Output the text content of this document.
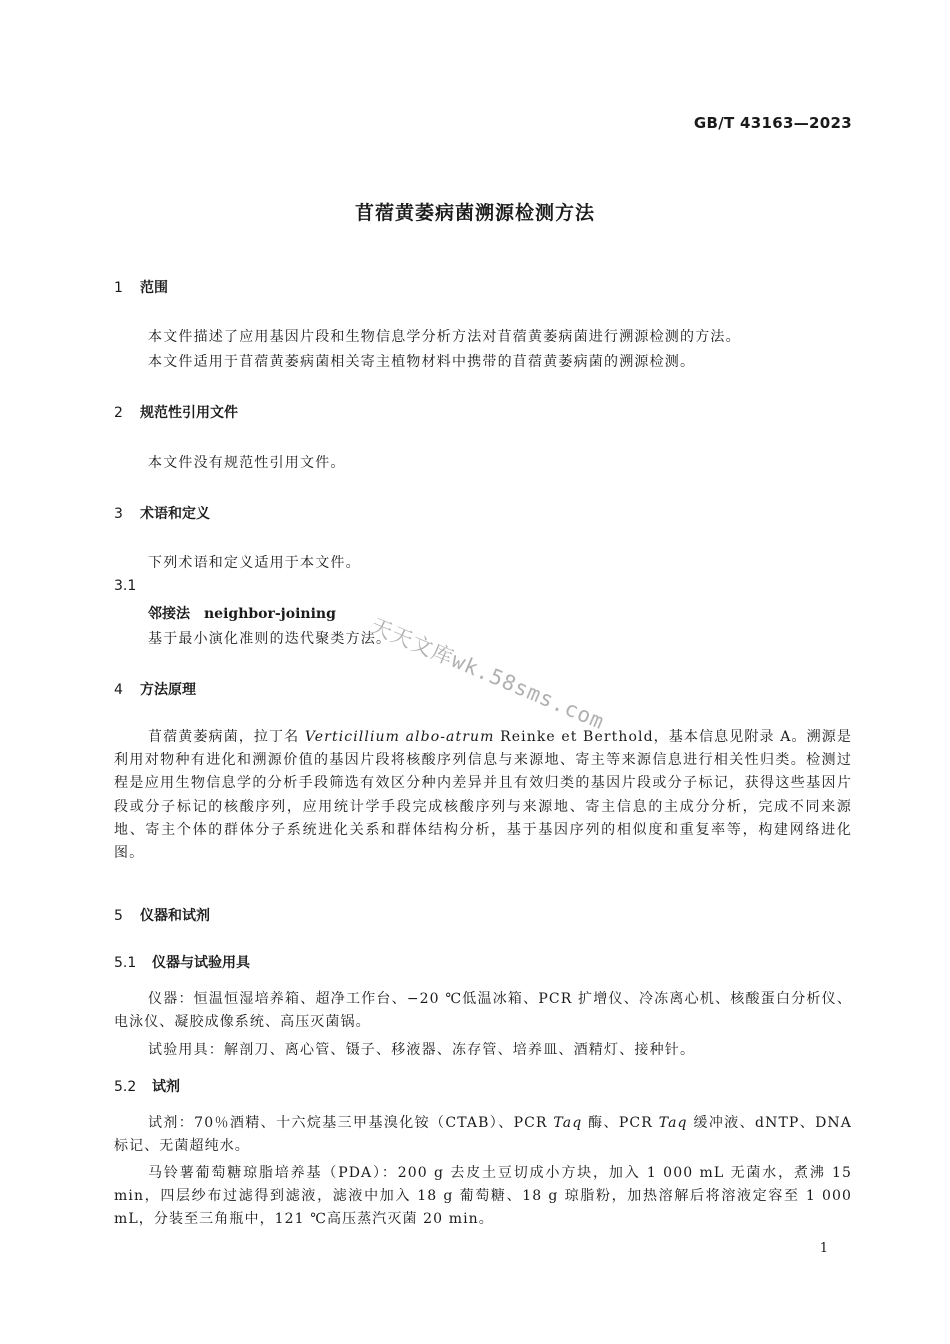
GB/T 43163—2023
苜蓿黄萎病菌溯源检测方法
1 范围
本文件描述了应用基因片段和生物信息学分析方法对苜蓿黄萎病菌进行溯源检测的方法。
本文件适用于苜蓿黄萎病菌相关寄主植物材料中携带的苜蓿黄萎病菌的溯源检测。
2 规范性引用文件
本文件没有规范性引用文件。
3 术语和定义
下列术语和定义适用于本文件。
3.1
邻接法 neighbor-joining
基于最小演化准则的迭代聚类方法。
4 方法原理
苜蓿黄萎病菌，拉丁名 Verticillium albo-atrum Reinke et Berthold，基本信息见附录 A。溯源是利用对物种有进化和溯源价值的基因片段将核酸序列信息与来源地、寄主等来源信息进行相关性归类。检测过程是应用生物信息学的分析手段筛选有效区分种内差异并且有效归类的基因片段或分子标记，获得这些基因片段或分子标记的核酸序列，应用统计学手段完成核酸序列与来源地、寄主信息的主成分分析，完成不同来源地、寄主个体的群体分子系统进化关系和群体结构分析，基于基因序列的相似度和重复率等，构建网络进化图。
5 仪器和试剂
5.1 仪器与试验用具
仪器：恒温恒湿培养箱、超净工作台、−20 ℃低温冰箱、PCR 扩增仪、冷冻离心机、核酸蛋白分析仪、电泳仪、凝胶成像系统、高压灭菌锅。
试验用具：解剖刀、离心管、镊子、移液器、冻存管、培养皿、酒精灯、接种针。
5.2 试剂
试剂：70％酒精、十六烷基三甲基溴化铵（CTAB）、PCR Taq 酶、PCR Taq 缓冲液、dNTP、DNA 标记、无菌超纯水。
马铃薯葡萄糖琼脂培养基（PDA）：200 g 去皮土豆切成小方块，加入 1 000 mL 无菌水，煮沸 15 min，四层纱布过滤得到滤液，滤液中加入 18 g 葡萄糖、18 g 琼脂粉，加热溶解后将溶液定容至 1 000 mL，分装至三角瓶中，121 ℃高压蒸汽灭菌 20 min。
1
天天文库wk.58sms.com
